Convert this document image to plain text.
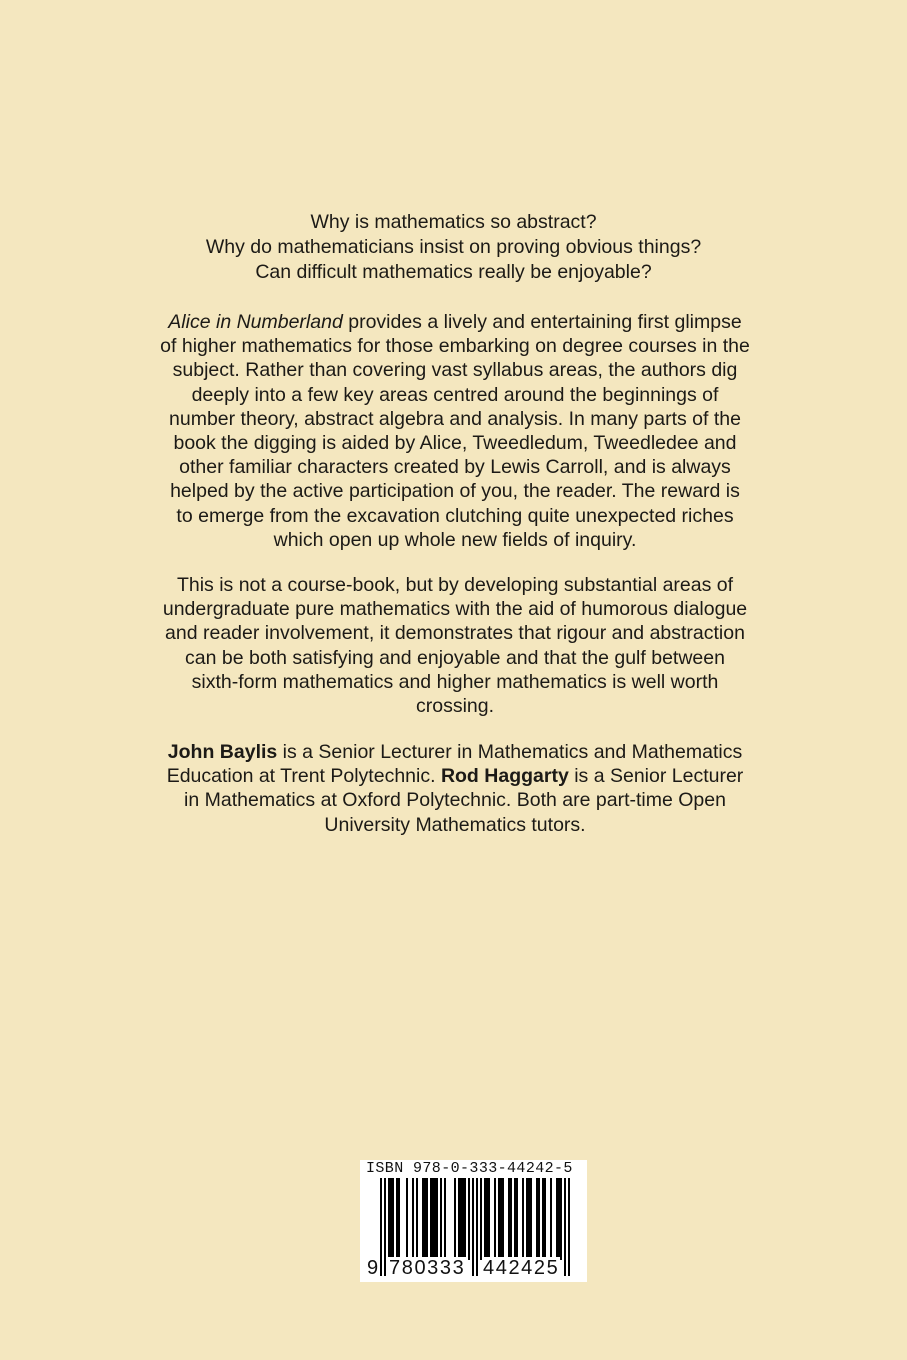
Why is mathematics so abstract?
Why do mathematicians insist on proving obvious things?
Can difficult mathematics really be enjoyable?
Alice in Numberland provides a lively and entertaining first glimpse of higher mathematics for those embarking on degree courses in the subject. Rather than covering vast syllabus areas, the authors dig deeply into a few key areas centred around the beginnings of number theory, abstract algebra and analysis. In many parts of the book the digging is aided by Alice, Tweedledum, Tweedledee and other familiar characters created by Lewis Carroll, and is always helped by the active participation of you, the reader. The reward is to emerge from the excavation clutching quite unexpected riches which open up whole new fields of inquiry.
This is not a course-book, but by developing substantial areas of undergraduate pure mathematics with the aid of humorous dialogue and reader involvement, it demonstrates that rigour and abstraction can be both satisfying and enjoyable and that the gulf between sixth-form mathematics and higher mathematics is well worth crossing.
John Baylis is a Senior Lecturer in Mathematics and Mathematics Education at Trent Polytechnic. Rod Haggarty is a Senior Lecturer in Mathematics at Oxford Polytechnic. Both are part-time Open University Mathematics tutors.
ISBN 978-0-333-44242-5
9 780333 442425
